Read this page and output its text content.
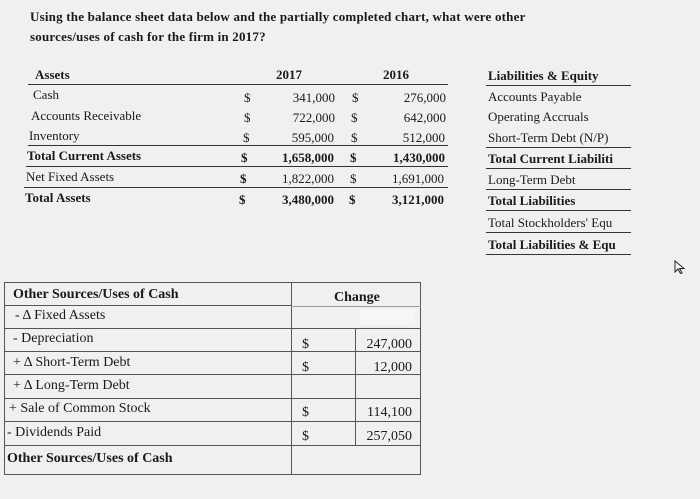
Using the balance sheet data below and the partially completed chart, what were other
sources/uses of cash for the firm in 2017?
Assets	2017	2016
Cash	$	341,000 $	276,000
Accounts Receivable	$	722,000 $	642,000
Inventory	$	595,000 $	512,000
Total Current Assets	$	1,658,000 $	1,430,000
Net Fixed Assets	$	1,822,000 $	1,691,000
Total Assets	$	3,480,000 $	3,121,000
Liabilities & Equity
Accounts Payable
Operating Accruals
Short-Term Debt (N/P)
Total Current Liabiliti
Long-Term Debt
Total Liabilities
Total Stockholders' Equ
Total Liabilities & Equ
Other Sources/Uses of Cash	Change
- Δ Fixed Assets
- Depreciation	$	247,000
+ Δ Short-Term Debt	$	12,000
+ Δ Long-Term Debt
+ Sale of Common Stock	$	114,100
- Dividends Paid	$	257,050
Other Sources/Uses of Cash
